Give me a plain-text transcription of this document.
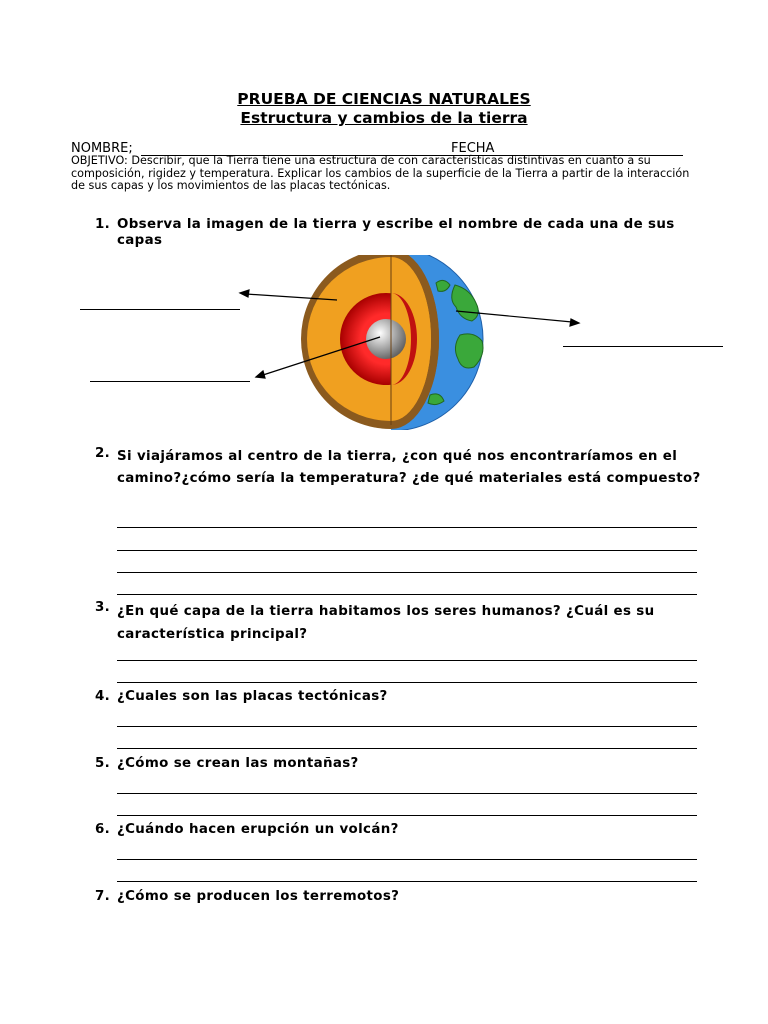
PRUEBA DE CIENCIAS NATURALES
Estructura y cambios de la tierra
NOMBRE;	FECHA
OBJETIVO: Describir, que la Tierra tiene una estructura de con características distintivas en cuanto a su composición, rigidez y temperatura. Explicar los cambios de la superficie de la Tierra a partir de la interacción de sus capas y los movimientos de las placas tectónicas.
1. Observa la imagen de la tierra y escribe el nombre de cada una de sus capas
2. Si viajáramos al centro de la tierra, ¿con qué nos encontraríamos en el camino?¿cómo sería la temperatura? ¿de qué materiales está compuesto?
3. ¿En qué capa de la tierra habitamos los seres humanos? ¿Cuál es su característica principal?
4. ¿Cuales son las placas tectónicas?
5. ¿Cómo se crean las montañas?
6. ¿Cuándo hacen erupción un volcán?
7. ¿Cómo se producen los terremotos?
